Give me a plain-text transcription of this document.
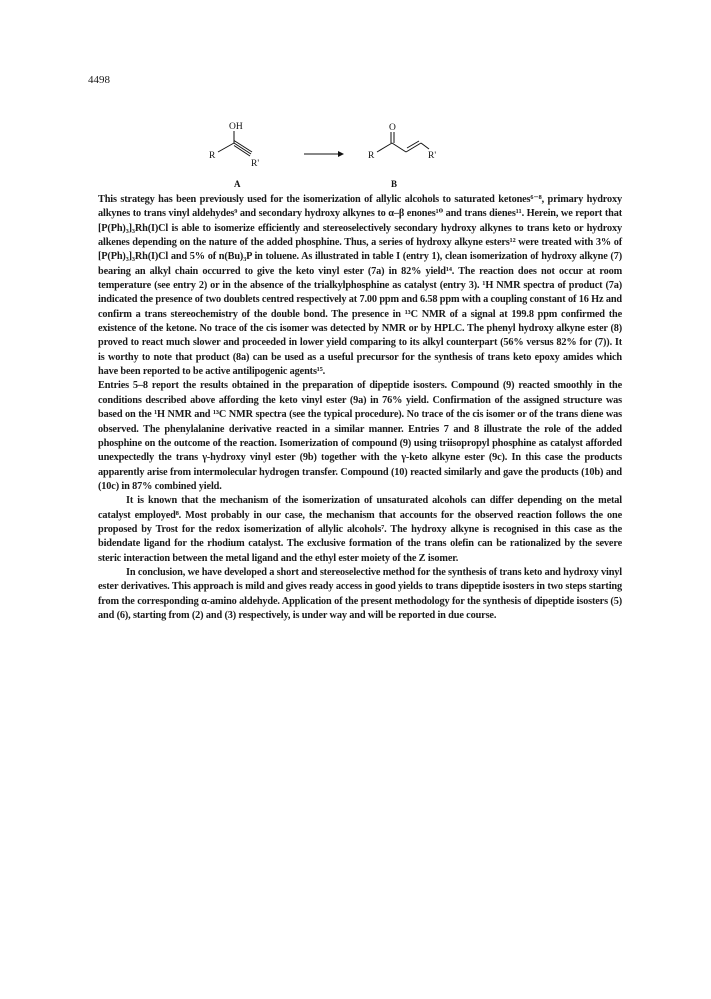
4498
OH
R
R'
A
O
R	R'
B

This strategy has been previously used for the isomerization of allylic alcohols to saturated ketones⁶⁻⁸, primary hydroxy alkynes to trans vinyl aldehydes⁹ and secondary hydroxy alkynes to α–β enones¹⁰ and trans dienes¹¹. Herein, we report that [P(Ph)₃]₃Rh(I)Cl is able to isomerize efficiently and stereoselectively secondary hydroxy alkynes to trans keto or hydroxy alkenes depending on the nature of the added phosphine. Thus, a series of hydroxy alkyne esters¹² were treated with 3% of [P(Ph)₃]₃Rh(I)Cl and 5% of n(Bu)₃P in toluene. As illustrated in table I (entry 1), clean isomerization of hydroxy alkyne (7) bearing an alkyl chain occurred to give the keto vinyl ester (7a) in 82% yield¹⁴. The reaction does not occur at room temperature (see entry 2) or in the absence of the trialkylphosphine as catalyst (entry 3). ¹H NMR spectra of product (7a) indicated the presence of two doublets centred respectively at 7.00 ppm and 6.58 ppm with a coupling constant of 16 Hz and confirm a trans stereochemistry of the double bond. The presence in ¹³C NMR of a signal at 199.8 ppm confirmed the existence of the ketone. No trace of the cis isomer was detected by NMR or by HPLC. The phenyl hydroxy alkyne ester (8) proved to react much slower and proceeded in lower yield comparing to its alkyl counterpart (56% versus 82% for (7)). It is worthy to note that product (8a) can be used as a useful precursor for the synthesis of trans keto epoxy amides which have been reported to be active antilipogenic agents¹⁵.

Entries 5–8 report the results obtained in the preparation of dipeptide isosters. Compound (9) reacted smoothly in the conditions described above affording the keto vinyl ester (9a) in 76% yield. Confirmation of the assigned structure was based on the ¹H NMR and ¹³C NMR spectra (see the typical procedure). No trace of the cis isomer or of the trans diene was observed. The phenylalanine derivative reacted in a similar manner. Entries 7 and 8 illustrate the role of the added phosphine on the outcome of the reaction. Isomerization of compound (9) using triisopropyl phosphine as catalyst afforded unexpectedly the trans γ-hydroxy vinyl ester (9b) together with the γ-keto alkyne ester (9c). In this case the products apparently arise from intermolecular hydrogen transfer. Compound (10) reacted similarly and gave the products (10b) and (10c) in 87% combined yield.

It is known that the mechanism of the isomerization of unsaturated alcohols can differ depending on the metal catalyst employed⁸. Most probably in our case, the mechanism that accounts for the observed reaction follows the one proposed by Trost for the redox isomerization of allylic alcohols⁷. The hydroxy alkyne is recognised in this case as the bidendate ligand for the rhodium catalyst. The exclusive formation of the trans olefin can be rationalized by the severe steric interaction between the metal ligand and the ethyl ester moiety of the Z isomer.

In conclusion, we have developed a short and stereoselective method for the synthesis of trans keto and hydroxy vinyl ester derivatives. This approach is mild and gives ready access in good yields to trans dipeptide isosters in two steps starting from the corresponding α-amino aldehyde. Application of the present methodology for the synthesis of dipeptide isosters (5) and (6), starting from (2) and (3) respectively, is under way and will be reported in due course.
